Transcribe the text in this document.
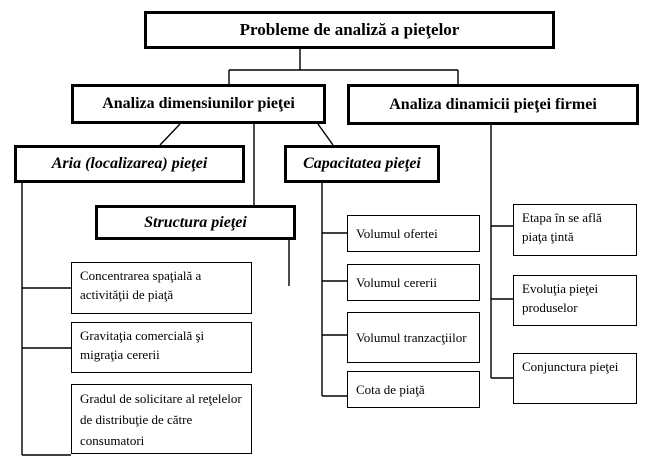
Probleme de analiză a pieţelor
Analiza dimensiunilor pieţei	Analiza dinamicii pieţei firmei
Aria (localizarea) pieţei	Capacitatea pieţei
Structura pieţei
Concentrarea spaţială a activităţii de piaţă
Gravitaţia comercială şi migraţia cererii
Gradul de solicitare al reţelelor de distribuţie de către consumatori
Volumul ofertei
Volumul cererii
Volumul tranzacţiilor
Cota de piaţă
Etapa în se află piaţa ţintă
Evoluţia pieţei produselor
Conjunctura pieţei
